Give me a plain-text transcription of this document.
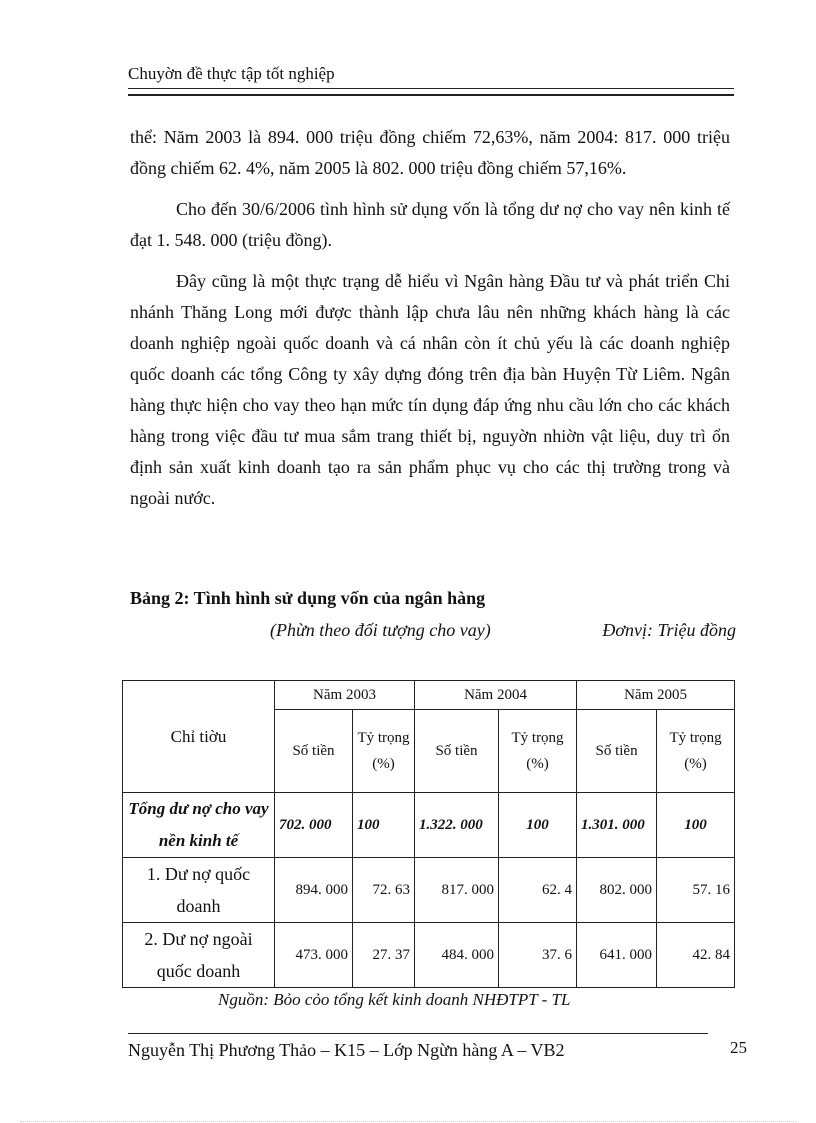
Chuyờn đề thực tập tốt nghiệp

thể: Năm 2003 là 894. 000 triệu đồng chiếm 72,63%, năm 2004: 817. 000 triệu đồng chiếm 62. 4%, năm 2005 là 802. 000 triệu đồng chiếm 57,16%.

Cho đến 30/6/2006 tình hình sử dụng vốn là tổng dư nợ cho vay nên kinh tế đạt 1. 548. 000 (triệu đồng).

Đây cũng là một thực trạng dễ hiểu vì Ngân hàng Đầu tư và phát triển Chi nhánh Thăng Long mới được thành lập chưa lâu nên những khách hàng là các doanh nghiệp ngoài quốc doanh và cá nhân còn ít chủ yếu là các doanh nghiệp quốc doanh các tổng Công ty xây dựng đóng trên địa bàn Huyện Từ Liêm. Ngân hàng thực hiện cho vay theo hạn mức tín dụng đáp ứng nhu cầu lớn cho các khách hàng trong việc đầu tư mua sắm trang thiết bị, nguyờn nhiờn vật liệu, duy trì ổn định sản xuất kinh doanh tạo ra sản phẩm phục vụ cho các thị trường trong và ngoài nước.

Bảng 2: Tình hình sử dụng vốn của ngân hàng
(Phừn theo đối tượng cho vay)	Đơnvị: Triệu đồng
Chỉ tiờu	Năm 2003		Năm 2004		Năm 2005	
	Số tiền	Tỷ trọng (%)	Số tiền	Tỷ trọng (%)	Số tiền	Tỷ trọng (%)
Tổng dư nợ cho vay nền kinh tế	702. 000	100	1.322. 000	100	1.301. 000	100
1. Dư nợ quốc doanh	894. 000	72. 63	817. 000	62. 4	802. 000	57. 16
2. Dư nợ ngoài quốc doanh	473. 000	27. 37	484. 000	37. 6	641. 000	42. 84
Nguồn: Bỏo cỏo tổng kết kinh doanh NHĐTPT - TL
Nguyễn Thị Phương Thảo – K15 – Lớp Ngừn hàng A – VB2	25
